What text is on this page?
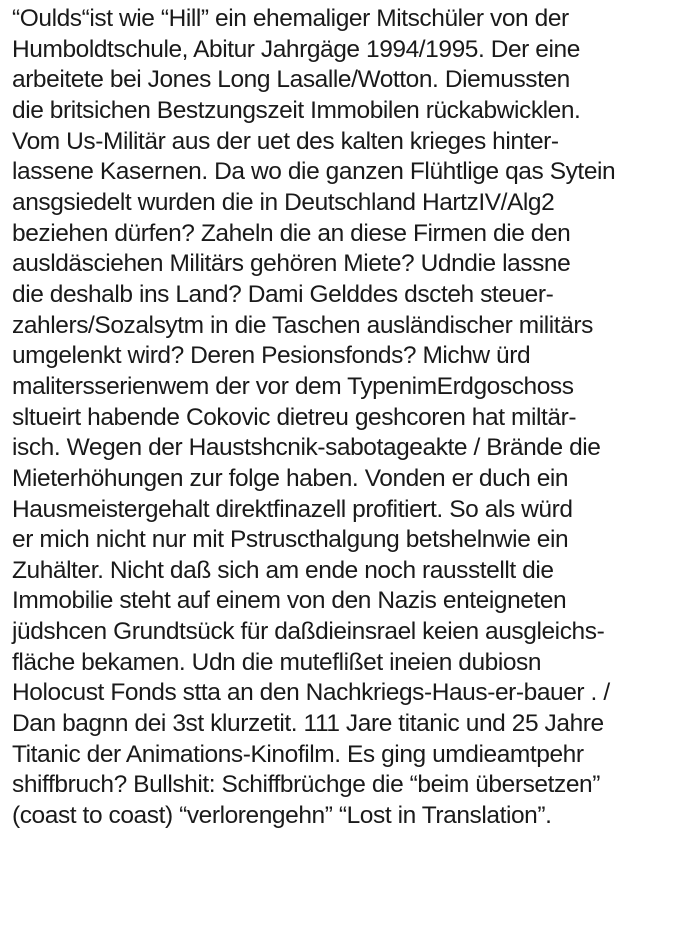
“Oulds“ist wie “Hill” ein ehemaliger Mitschüler von der
Humboldtschule, Abitur Jahrgäge 1994/1995. Der eine
arbeitete bei Jones Long Lasalle/Wotton. Diemussten
die britsichen Bestzungszeit Immobilen rückabwicklen.
Vom Us-Militär aus der uet des kalten krieges hinter-
lassene Kasernen. Da wo die ganzen Flühtlige qas Sytein
ansgsiedelt wurden die in Deutschland HartzIV/Alg2
beziehen dürfen? Zaheln die an diese Firmen die den
ausldäsciehen Militärs gehören Miete? Udndie lassne
die deshalb ins Land? Dami Gelddes dscteh steuer-
zahlers/Sozalsytm in die Taschen ausländischer militärs
umgelenkt wird? Deren Pesionsfonds? Michw ürd
malitersserienwem der vor dem TypenimErdgoschoss
sltueirt habende Cokovic dietreu geshcoren hat miltär-
isch. Wegen der Haustshcnik-sabotageakte / Brände die
Mieterhöhungen zur folge haben. Vonden er duch ein
Hausmeistergehalt direktfinazell profitiert. So als würd
er mich nicht nur mit Pstruscthalgung betshelnwie ein
Zuhälter. Nicht daß sich am ende noch rausstellt die
Immobilie steht auf einem von den Nazis enteigneten
jüdshcen Grundtsück für daßdieinsrael keien ausgleichs-
fläche bekamen. Udn die muteflißet ineien dubiosn
Holocust Fonds stta an den Nachkriegs-Haus-er-bauer . /
Dan bagnn dei 3st klurzetit. 111 Jare titanic und 25 Jahre
Titanic der Animations-Kinofilm. Es ging umdieamtpehr
shiffbruch? Bullshit: Schiffbrüchge die “beim übersetzen”
(coast to coast) “verlorengehn” “Lost in Translation”.
